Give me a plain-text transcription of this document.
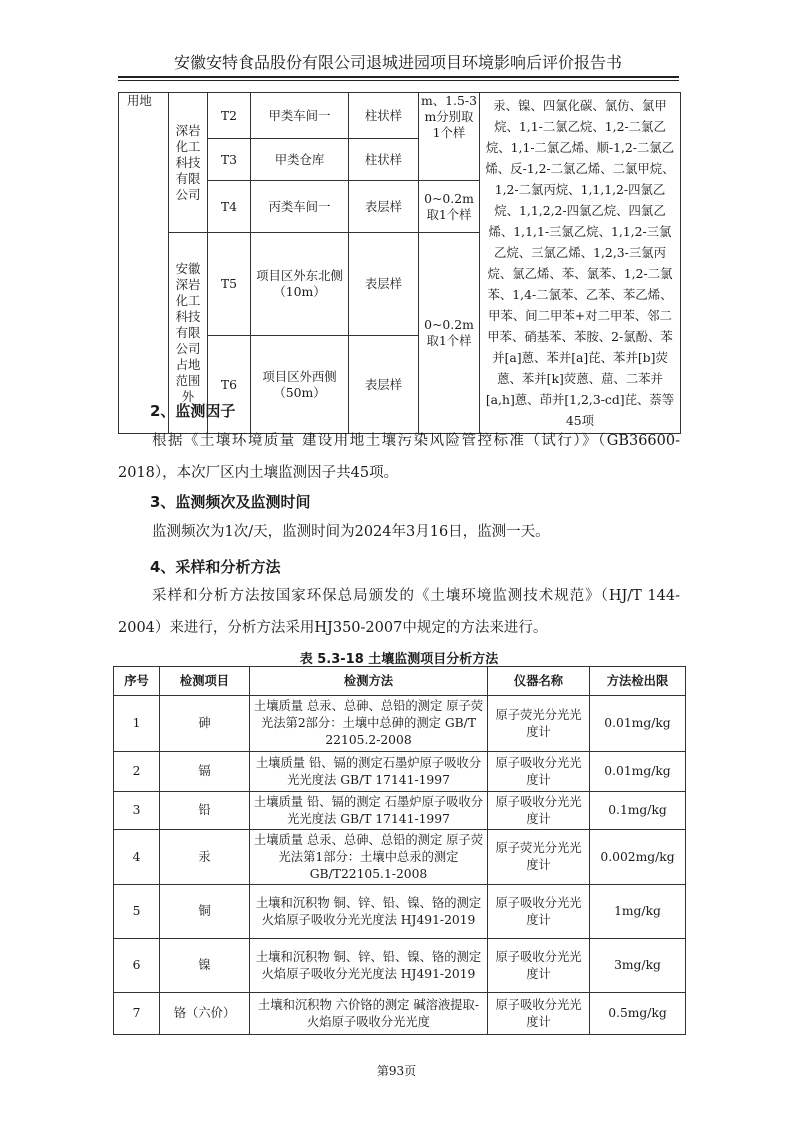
安徽安特食品股份有限公司退城进园项目环境影响后评价报告书
用地	深岩化工科技有限公司	T2	甲类车间一	柱状样	m、1.5-3m分别取1个样	汞、镍、四氯化碳、氯仿、氯甲烷、1,1-二氯乙烷、1,2-二氯乙烷、1,1-二氯乙烯、顺-1,2-二氯乙烯、反-1,2-二氯乙烯、二氯甲烷、1,2-二氯丙烷、1,1,1,2-四氯乙烷、1,1,2,2-四氯乙烷、四氯乙烯、1,1,1-三氯乙烷、1,1,2-三氯乙烷、三氯乙烯、1,2,3-三氯丙烷、氯乙烯、苯、氯苯、1,2-二氯苯、1,4-二氯苯、乙苯、苯乙烯、甲苯、间二甲苯+对二甲苯、邻二甲苯、硝基苯、苯胺、2-氯酚、苯并[a]蒽、苯并[a]芘、苯并[b]荧蒽、苯并[k]荧蒽、䓛、二苯并[a,h]蒽、茚并[1,2,3-cd]芘、萘等45项
		T3	甲类仓库	柱状样		
		T4	丙类车间一	表层样	0~0.2m取1个样	
	安徽深岩化工科技有限公司占地范围外	T5	项目区外东北侧（10m）	表层样	0~0.2m取1个样	
		T6	项目区外西侧（50m）	表层样		
2、监测因子

根据《土壤环境质量 建设用地土壤污染风险管控标准（试行）》（GB36600-2018），本次厂区内土壤监测因子共45项。

3、监测频次及监测时间

监测频次为1次/天，监测时间为2024年3月16日，监测一天。

4、采样和分析方法

采样和分析方法按国家环保总局颁发的《土壤环境监测技术规范》（HJ/T 144-2004）来进行，分析方法采用HJ350-2007中规定的方法来进行。

表 5.3-18 土壤监测项目分析方法
序号	检测项目	检测方法	仪器名称	方法检出限
1	砷	土壤质量 总汞、总砷、总铅的测定 原子荧光法第2部分：土壤中总砷的测定 GB/T 22105.2-2008	原子荧光分光光度计	0.01mg/kg
2	镉	土壤质量 铅、镉的测定石墨炉原子吸收分光光度法 GB/T 17141-1997	原子吸收分光光度计	0.01mg/kg
3	铅	土壤质量 铅、镉的测定 石墨炉原子吸收分光光度法 GB/T 17141-1997	原子吸收分光光度计	0.1mg/kg
4	汞	土壤质量 总汞、总砷、总铅的测定 原子荧光法第1部分：土壤中总汞的测定 GB/T22105.1-2008	原子荧光分光光度计	0.002mg/kg
5	铜	土壤和沉积物 铜、锌、铅、镍、铬的测定 火焰原子吸收分光光度法 HJ491-2019	原子吸收分光光度计	1mg/kg
6	镍	土壤和沉积物 铜、锌、铅、镍、铬的测定 火焰原子吸收分光光度法 HJ491-2019	原子吸收分光光度计	3mg/kg
7	铬（六价）	土壤和沉积物 六价铬的测定 碱溶液提取-火焰原子吸收分光光度	原子吸收分光光度计	0.5mg/kg
第93页
